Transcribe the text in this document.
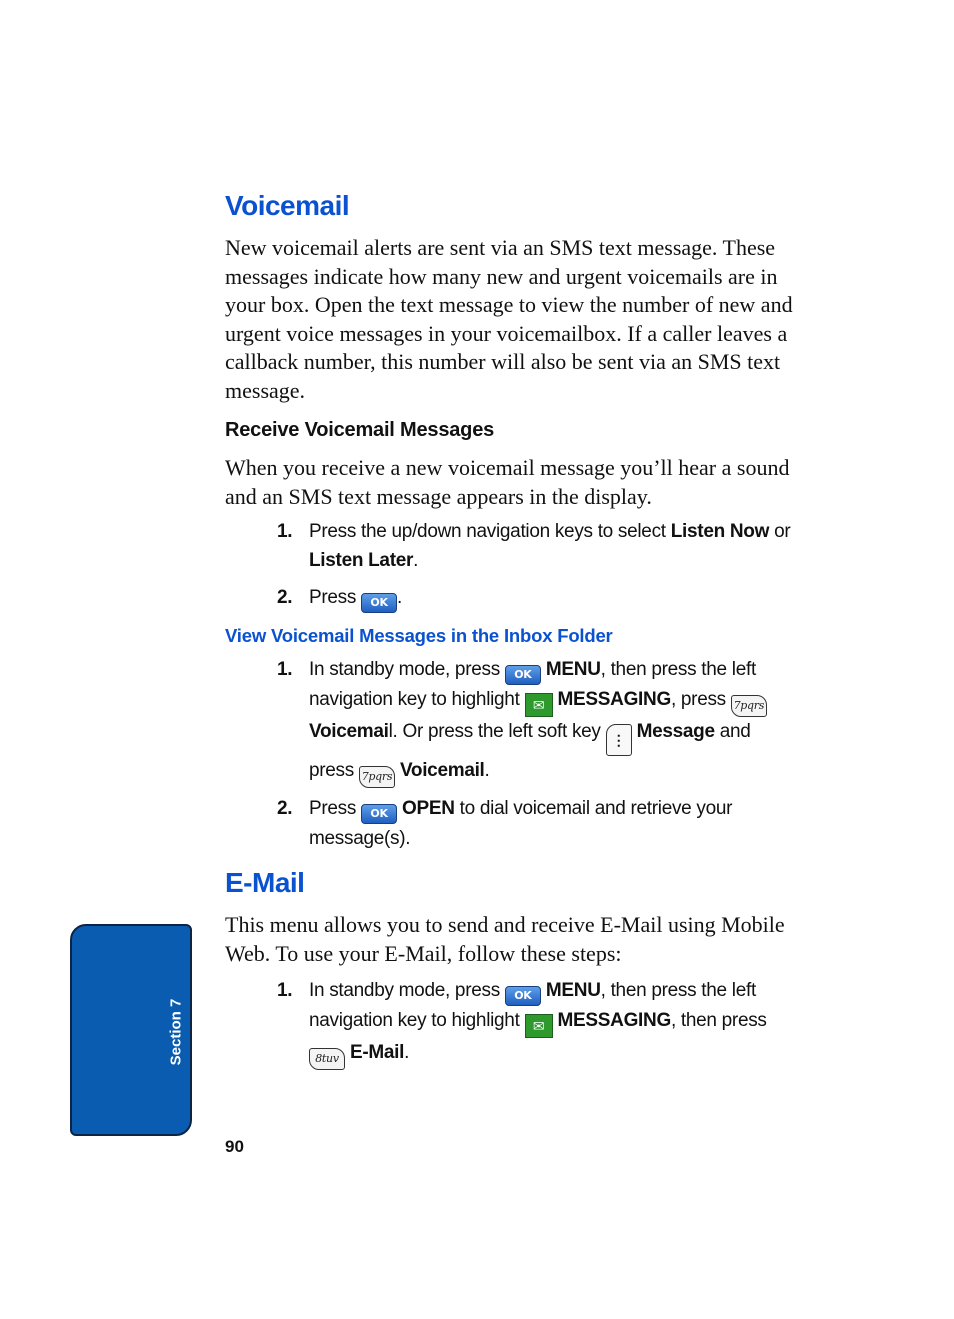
Voicemail

New voicemail alerts are sent via an SMS text message. These messages indicate how many new and urgent voicemails are in your box. Open the text message to view the number of new and urgent voice messages in your voicemailbox. If a caller leaves a callback number, this number will also be sent via an SMS text message.

Receive Voicemail Messages

When you receive a new voicemail message you’ll hear a sound and an SMS text message appears in the display.

1. Press the up/down navigation keys to select Listen Now or Listen Later.

2. Press OK .

View Voicemail Messages in the Inbox Folder

1. In standby mode, press OK MENU, then press the left navigation key to highlight ✉ MESSAGING, press 7pqrs Voicemail. Or press the left soft key ⋮ Message and press 7pqrs Voicemail.

2. Press OK OPEN to dial voicemail and retrieve your message(s).

E-Mail

This menu allows you to send and receive E-Mail using Mobile Web. To use your E-Mail, follow these steps:

1. In standby mode, press OK MENU, then press the left navigation key to highlight ✉ MESSAGING, then press 8tuv E-Mail.

Section 7
90
